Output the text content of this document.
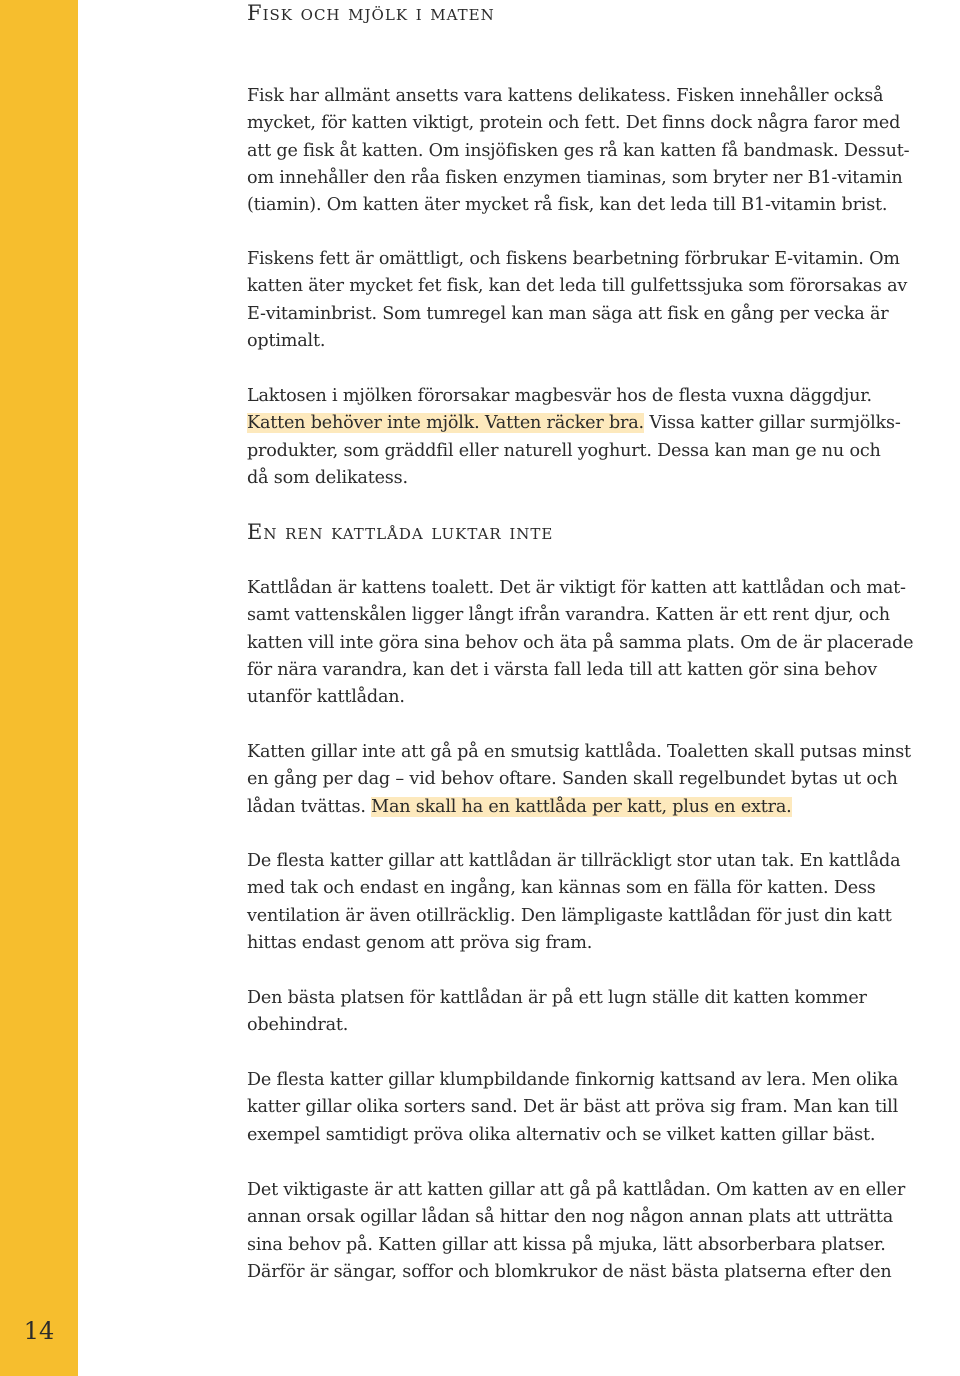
14
Fisk och mjölk i maten

Fisk har allmänt ansetts vara kattens delikatess. Fisken innehåller också
mycket, för katten viktigt, protein och fett. Det finns dock några faror med
att ge fisk åt katten. Om insjöfisken ges rå kan katten få bandmask. Dessut-
om innehåller den råa fisken enzymen tiaminas, som bryter ner B1-vitamin
(tiamin). Om katten äter mycket rå fisk, kan det leda till B1-vitamin brist.

Fiskens fett är omättligt, och fiskens bearbetning förbrukar E-vitamin. Om
katten äter mycket fet fisk, kan det leda till gulfettssjuka som förorsakas av
E-vitaminbrist. Som tumregel kan man säga att fisk en gång per vecka är
optimalt.

Laktosen i mjölken förorsakar magbesvär hos de flesta vuxna däggdjur.
Katten behöver inte mjölk. Vatten räcker bra. Vissa katter gillar surmjölks-
produkter, som gräddfil eller naturell yoghurt. Dessa kan man ge nu och
då som delikatess.

En ren kattlåda luktar inte

Kattlådan är kattens toalett. Det är viktigt för katten att kattlådan och mat-
samt vattenskålen ligger långt ifrån varandra. Katten är ett rent djur, och
katten vill inte göra sina behov och äta på samma plats. Om de är placerade
för nära varandra, kan det i värsta fall leda till att katten gör sina behov
utanför kattlådan.

Katten gillar inte att gå på en smutsig kattlåda. Toaletten skall putsas minst
en gång per dag – vid behov oftare. Sanden skall regelbundet bytas ut och
lådan tvättas. Man skall ha en kattlåda per katt, plus en extra.

De flesta katter gillar att kattlådan är tillräckligt stor utan tak. En kattlåda
med tak och endast en ingång, kan kännas som en fälla för katten. Dess
ventilation är även otillräcklig. Den lämpligaste kattlådan för just din katt
hittas endast genom att pröva sig fram.

Den bästa platsen för kattlådan är på ett lugn ställe dit katten kommer
obehindrat.

De flesta katter gillar klumpbildande finkornig kattsand av lera. Men olika
katter gillar olika sorters sand. Det är bäst att pröva sig fram. Man kan till
exempel samtidigt pröva olika alternativ och se vilket katten gillar bäst.

Det viktigaste är att katten gillar att gå på kattlådan. Om katten av en eller
annan orsak ogillar lådan så hittar den nog någon annan plats att utträtta
sina behov på. Katten gillar att kissa på mjuka, lätt absorberbara platser.
Därför är sängar, soffor och blomkrukor de näst bästa platserna efter den
